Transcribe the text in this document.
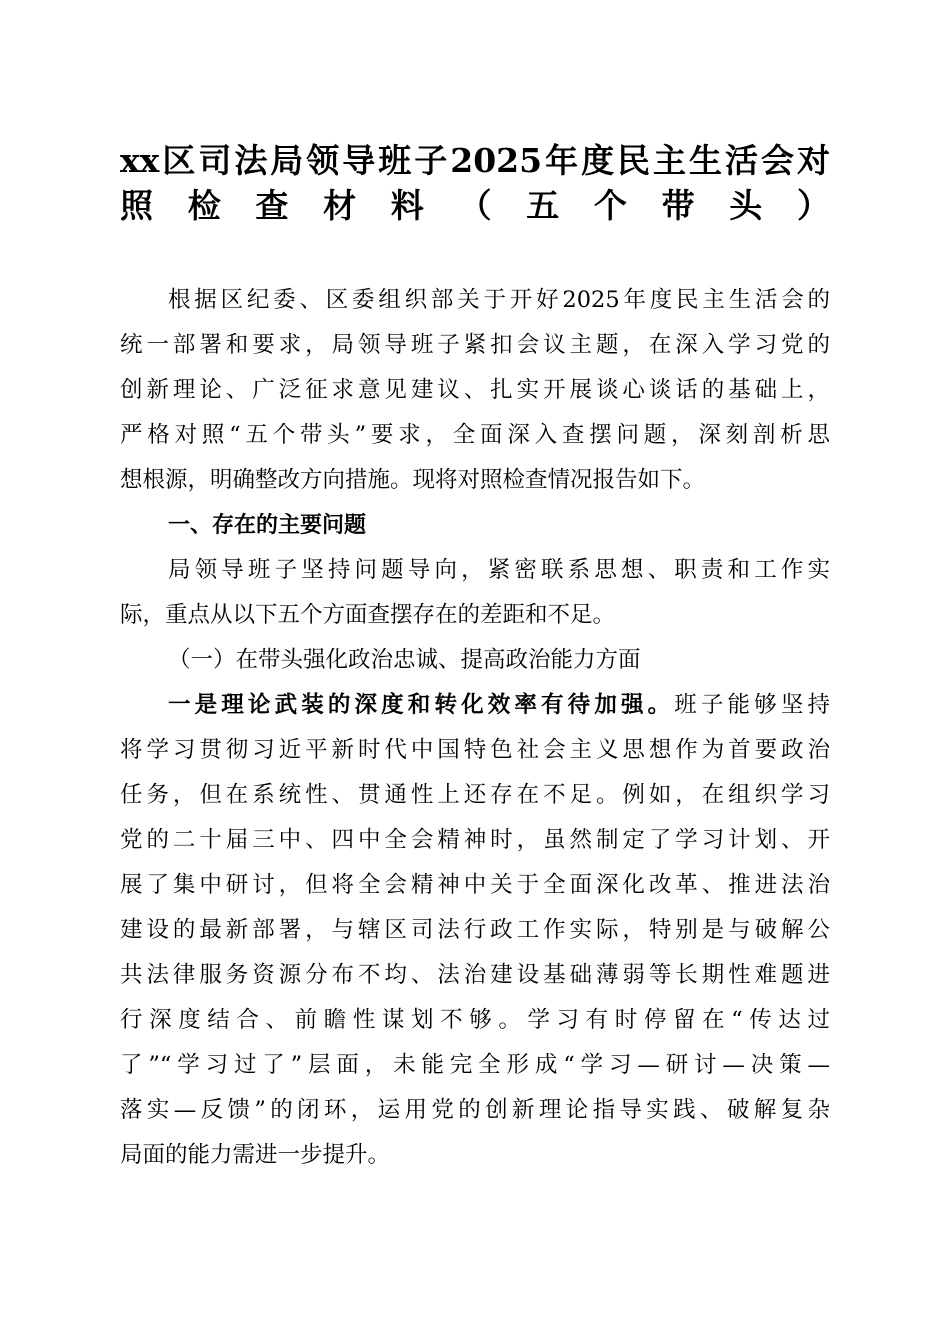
xx区司法局领导班子2025年度民主生活会对
照检查材料（五个带头）
根据区纪委、区委组织部关于开好2025年度民主生活会的
统一部署和要求，局领导班子紧扣会议主题，在深入学习党的
创新理论、广泛征求意见建议、扎实开展谈心谈话的基础上，
严格对照“五个带头”要求，全面深入查摆问题，深刻剖析思
想根源，明确整改方向措施。现将对照检查情况报告如下。
一、存在的主要问题
局领导班子坚持问题导向，紧密联系思想、职责和工作实
际，重点从以下五个方面查摆存在的差距和不足。
（一）在带头强化政治忠诚、提高政治能力方面
一是理论武装的深度和转化效率有待加强。班子能够坚持
将学习贯彻习近平新时代中国特色社会主义思想作为首要政治
任务，但在系统性、贯通性上还存在不足。例如，在组织学习
党的二十届三中、四中全会精神时，虽然制定了学习计划、开
展了集中研讨，但将全会精神中关于全面深化改革、推进法治
建设的最新部署，与辖区司法行政工作实际，特别是与破解公
共法律服务资源分布不均、法治建设基础薄弱等长期性难题进
行深度结合、前瞻性谋划不够。学习有时停留在“传达过
了”“学习过了”层面，未能完全形成“学习—研讨—决策—
落实—反馈”的闭环，运用党的创新理论指导实践、破解复杂
局面的能力需进一步提升。
